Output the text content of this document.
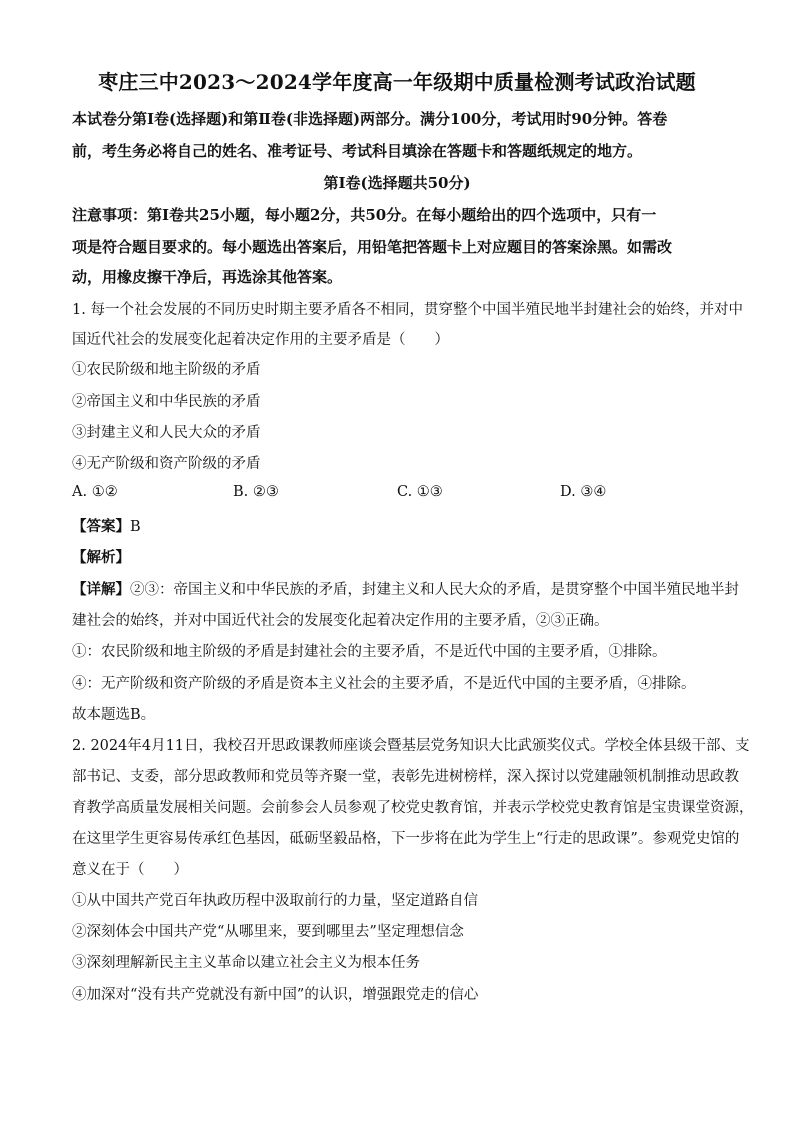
枣庄三中2023～2024学年度高一年级期中质量检测考试政治试题
本试卷分第Ⅰ卷(选择题)和第Ⅱ卷(非选择题)两部分。满分100分，考试用时90分钟。答卷
前，考生务必将自己的姓名、准考证号、考试科目填涂在答题卡和答题纸规定的地方。
第Ⅰ卷(选择题共50分)
注意事项：第Ⅰ卷共25小题，每小题2分，共50分。在每小题给出的四个选项中，只有一
项是符合题目要求的。每小题选出答案后，用铅笔把答题卡上对应题目的答案涂黑。如需改
动，用橡皮擦干净后，再选涂其他答案。
1. 每一个社会发展的不同历史时期主要矛盾各不相同，贯穿整个中国半殖民地半封建社会的始终，并对中
国近代社会的发展变化起着决定作用的主要矛盾是（　　）
①农民阶级和地主阶级的矛盾
②帝国主义和中华民族的矛盾
③封建主义和人民大众的矛盾
④无产阶级和资产阶级的矛盾
A. ①②	B. ②③	C. ①③	D. ③④
【答案】B
【解析】
【详解】②③：帝国主义和中华民族的矛盾，封建主义和人民大众的矛盾，是贯穿整个中国半殖民地半封
建社会的始终，并对中国近代社会的发展变化起着决定作用的主要矛盾，②③正确。
①：农民阶级和地主阶级的矛盾是封建社会的主要矛盾，不是近代中国的主要矛盾，①排除。
④：无产阶级和资产阶级的矛盾是资本主义社会的主要矛盾，不是近代中国的主要矛盾，④排除。
故本题选B。
2. 2024年4月11日，我校召开思政课教师座谈会暨基层党务知识大比武颁奖仪式。学校全体县级干部、支
部书记、支委，部分思政教师和党员等齐聚一堂，表彰先进树榜样，深入探讨以党建融领机制推动思政教
育教学高质量发展相关问题。会前参会人员参观了校党史教育馆，并表示学校党史教育馆是宝贵课堂资源，
在这里学生更容易传承红色基因，砥砺坚毅品格，下一步将在此为学生上“行走的思政课”。参观党史馆的
意义在于（　　）
①从中国共产党百年执政历程中汲取前行的力量，坚定道路自信
②深刻体会中国共产党“从哪里来，要到哪里去”坚定理想信念
③深刻理解新民主主义革命以建立社会主义为根本任务
④加深对“没有共产党就没有新中国”的认识，增强跟党走的信心
